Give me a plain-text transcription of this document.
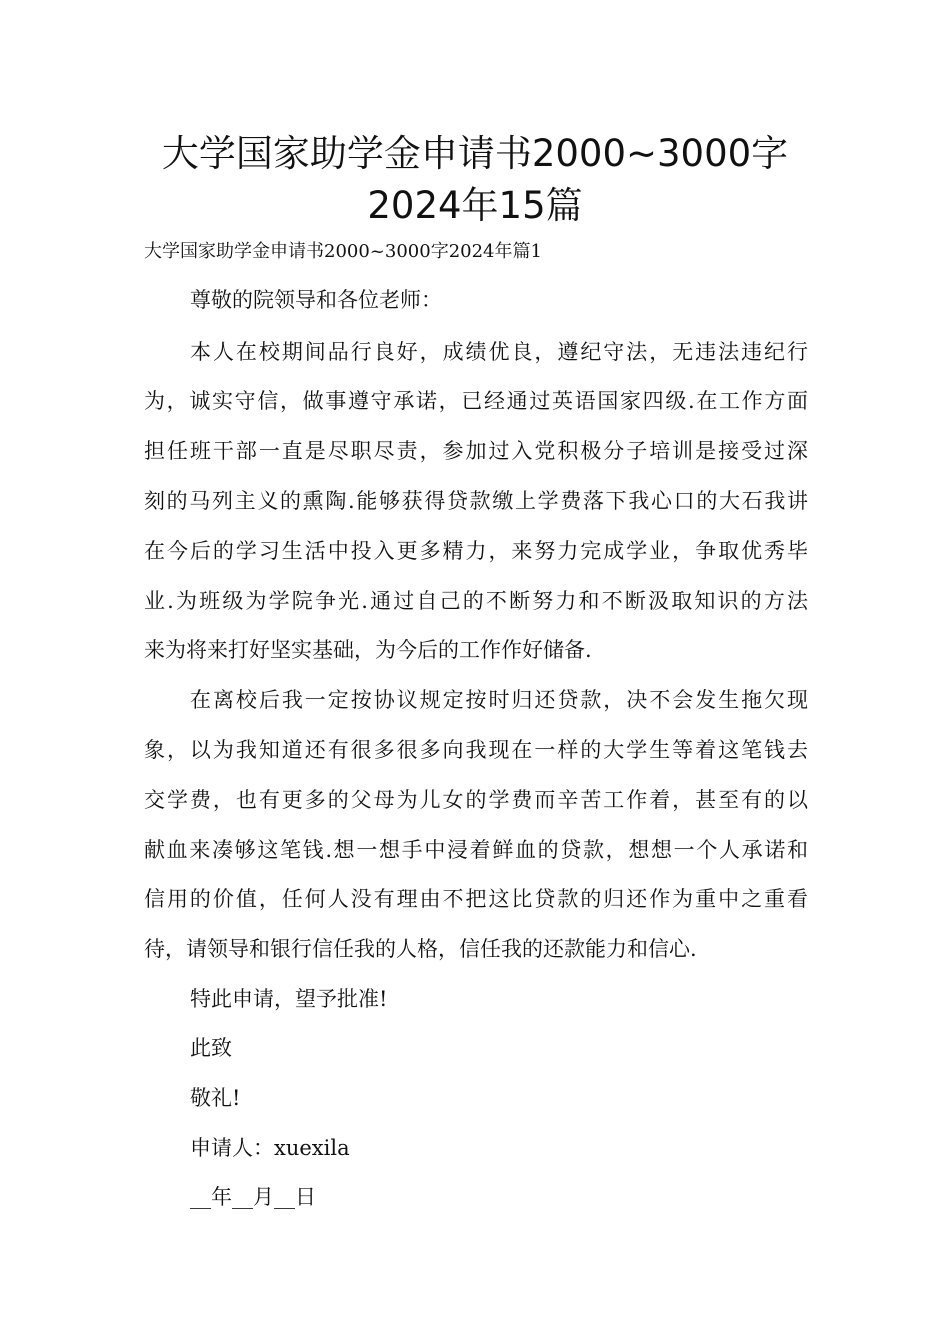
大学国家助学金申请书2000~3000字
2024年15篇
大学国家助学金申请书2000~3000字2024年篇1
尊敬的院领导和各位老师：
本人在校期间品行良好，成绩优良，遵纪守法，无违法违纪行
为，诚实守信，做事遵守承诺，已经通过英语国家四级.在工作方面
担任班干部一直是尽职尽责，参加过入党积极分子培训是接受过深
刻的马列主义的熏陶.能够获得贷款缴上学费落下我心口的大石我讲
在今后的学习生活中投入更多精力，来努力完成学业，争取优秀毕
业.为班级为学院争光.通过自己的不断努力和不断汲取知识的方法
来为将来打好坚实基础，为今后的工作作好储备.
在离校后我一定按协议规定按时归还贷款，决不会发生拖欠现
象，以为我知道还有很多很多向我现在一样的大学生等着这笔钱去
交学费，也有更多的父母为儿女的学费而辛苦工作着，甚至有的以
献血来凑够这笔钱.想一想手中浸着鲜血的贷款，想想一个人承诺和
信用的价值，任何人没有理由不把这比贷款的归还作为重中之重看
待，请领导和银行信任我的人格，信任我的还款能力和信心.
特此申请，望予批准!
此致
敬礼!
申请人：xuexila
__年__月__日
